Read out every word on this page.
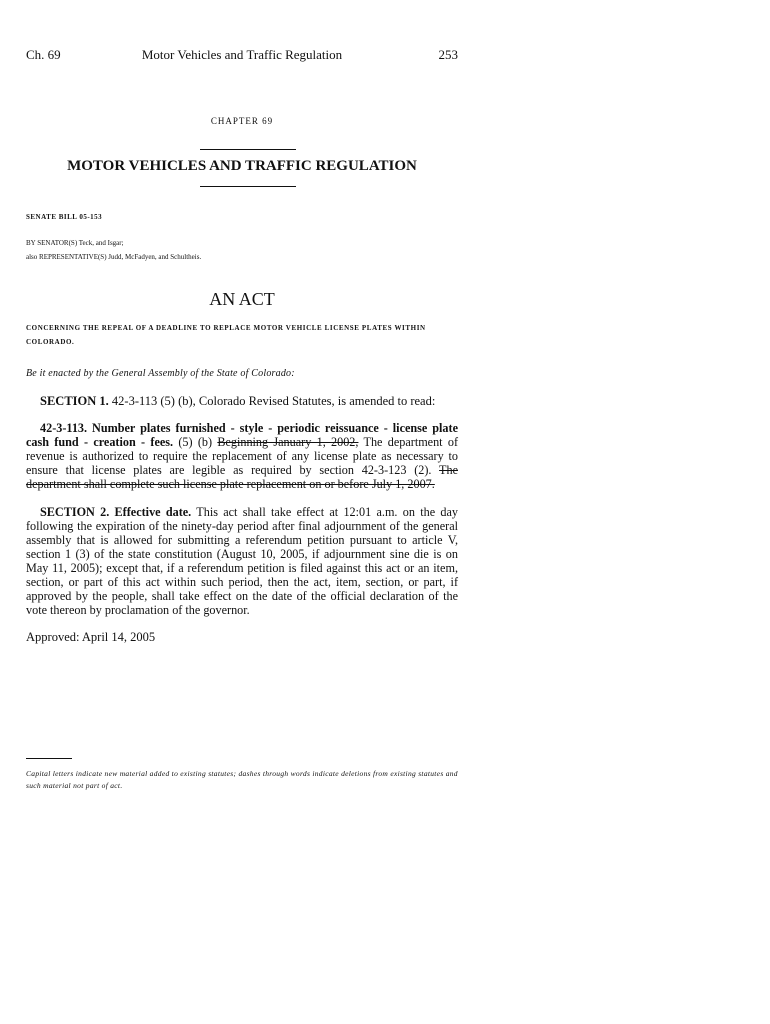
Ch. 69	Motor Vehicles and Traffic Regulation	253
CHAPTER 69
MOTOR VEHICLES AND TRAFFIC REGULATION
SENATE BILL 05-153
BY SENATOR(S) Teck, and Isgar;
also REPRESENTATIVE(S) Judd, McFadyen, and Schultheis.
AN ACT
CONCERNING THE REPEAL OF A DEADLINE TO REPLACE MOTOR VEHICLE LICENSE PLATES WITHIN COLORADO.
Be it enacted by the General Assembly of the State of Colorado:
SECTION 1. 42-3-113 (5) (b), Colorado Revised Statutes, is amended to read:
42-3-113. Number plates furnished - style - periodic reissuance - license plate cash fund - creation - fees. (5) (b) Beginning January 1, 2002, The department of revenue is authorized to require the replacement of any license plate as necessary to ensure that license plates are legible as required by section 42-3-123 (2). The department shall complete such license plate replacement on or before July 1, 2007.
SECTION 2. Effective date. This act shall take effect at 12:01 a.m. on the day following the expiration of the ninety-day period after final adjournment of the general assembly that is allowed for submitting a referendum petition pursuant to article V, section 1 (3) of the state constitution (August 10, 2005, if adjournment sine die is on May 11, 2005); except that, if a referendum petition is filed against this act or an item, section, or part of this act within such period, then the act, item, section, or part, if approved by the people, shall take effect on the date of the official declaration of the vote thereon by proclamation of the governor.
Approved: April 14, 2005
Capital letters indicate new material added to existing statutes; dashes through words indicate deletions from existing statutes and such material not part of act.
